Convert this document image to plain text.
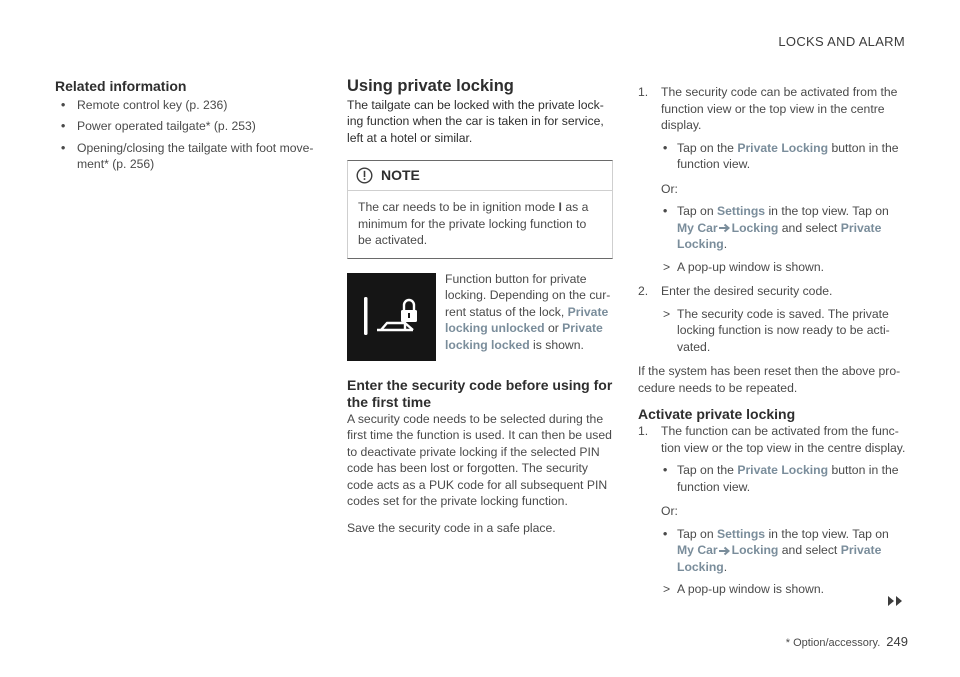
LOCKS AND ALARM
Related information
• Remote control key (p. 236)
• Power operated tailgate* (p. 253)
• Opening/closing the tailgate with foot move-ment* (p. 256)
Using private locking

The tailgate can be locked with the private lock-ing function when the car is taken in for service, left at a hotel or similar.

NOTE
The car needs to be in ignition mode I as a minimum for the private locking function to be activated.
Function button for private locking. Depending on the cur-rent status of the lock, Private locking unlocked or Private locking locked is shown.
Enter the security code before using for the first time

A security code needs to be selected during the first time the function is used. It can then be used to deactivate private locking if the selected PIN code has been lost or forgotten. The security code acts as a PUK code for all subsequent PIN codes set for the private locking function.

Save the security code in a safe place.

1. The security code can be activated from the function view or the top view in the centre display.
• Tap on the Private Locking button in the function view.
Or:
• Tap on Settings in the top view. Tap on My Car Locking and select Private Locking.
> A pop-up window is shown.
2. Enter the desired security code.
> The security code is saved. The private locking function is now ready to be acti-vated.

If the system has been reset then the above pro-cedure needs to be repeated.

Activate private locking
1. The function can be activated from the func-tion view or the top view in the centre display.
• Tap on the Private Locking button in the function view.
Or:
• Tap on Settings in the top view. Tap on My Car Locking and select Private Locking.
> A pop-up window is shown.
* Option/accessory. 249
